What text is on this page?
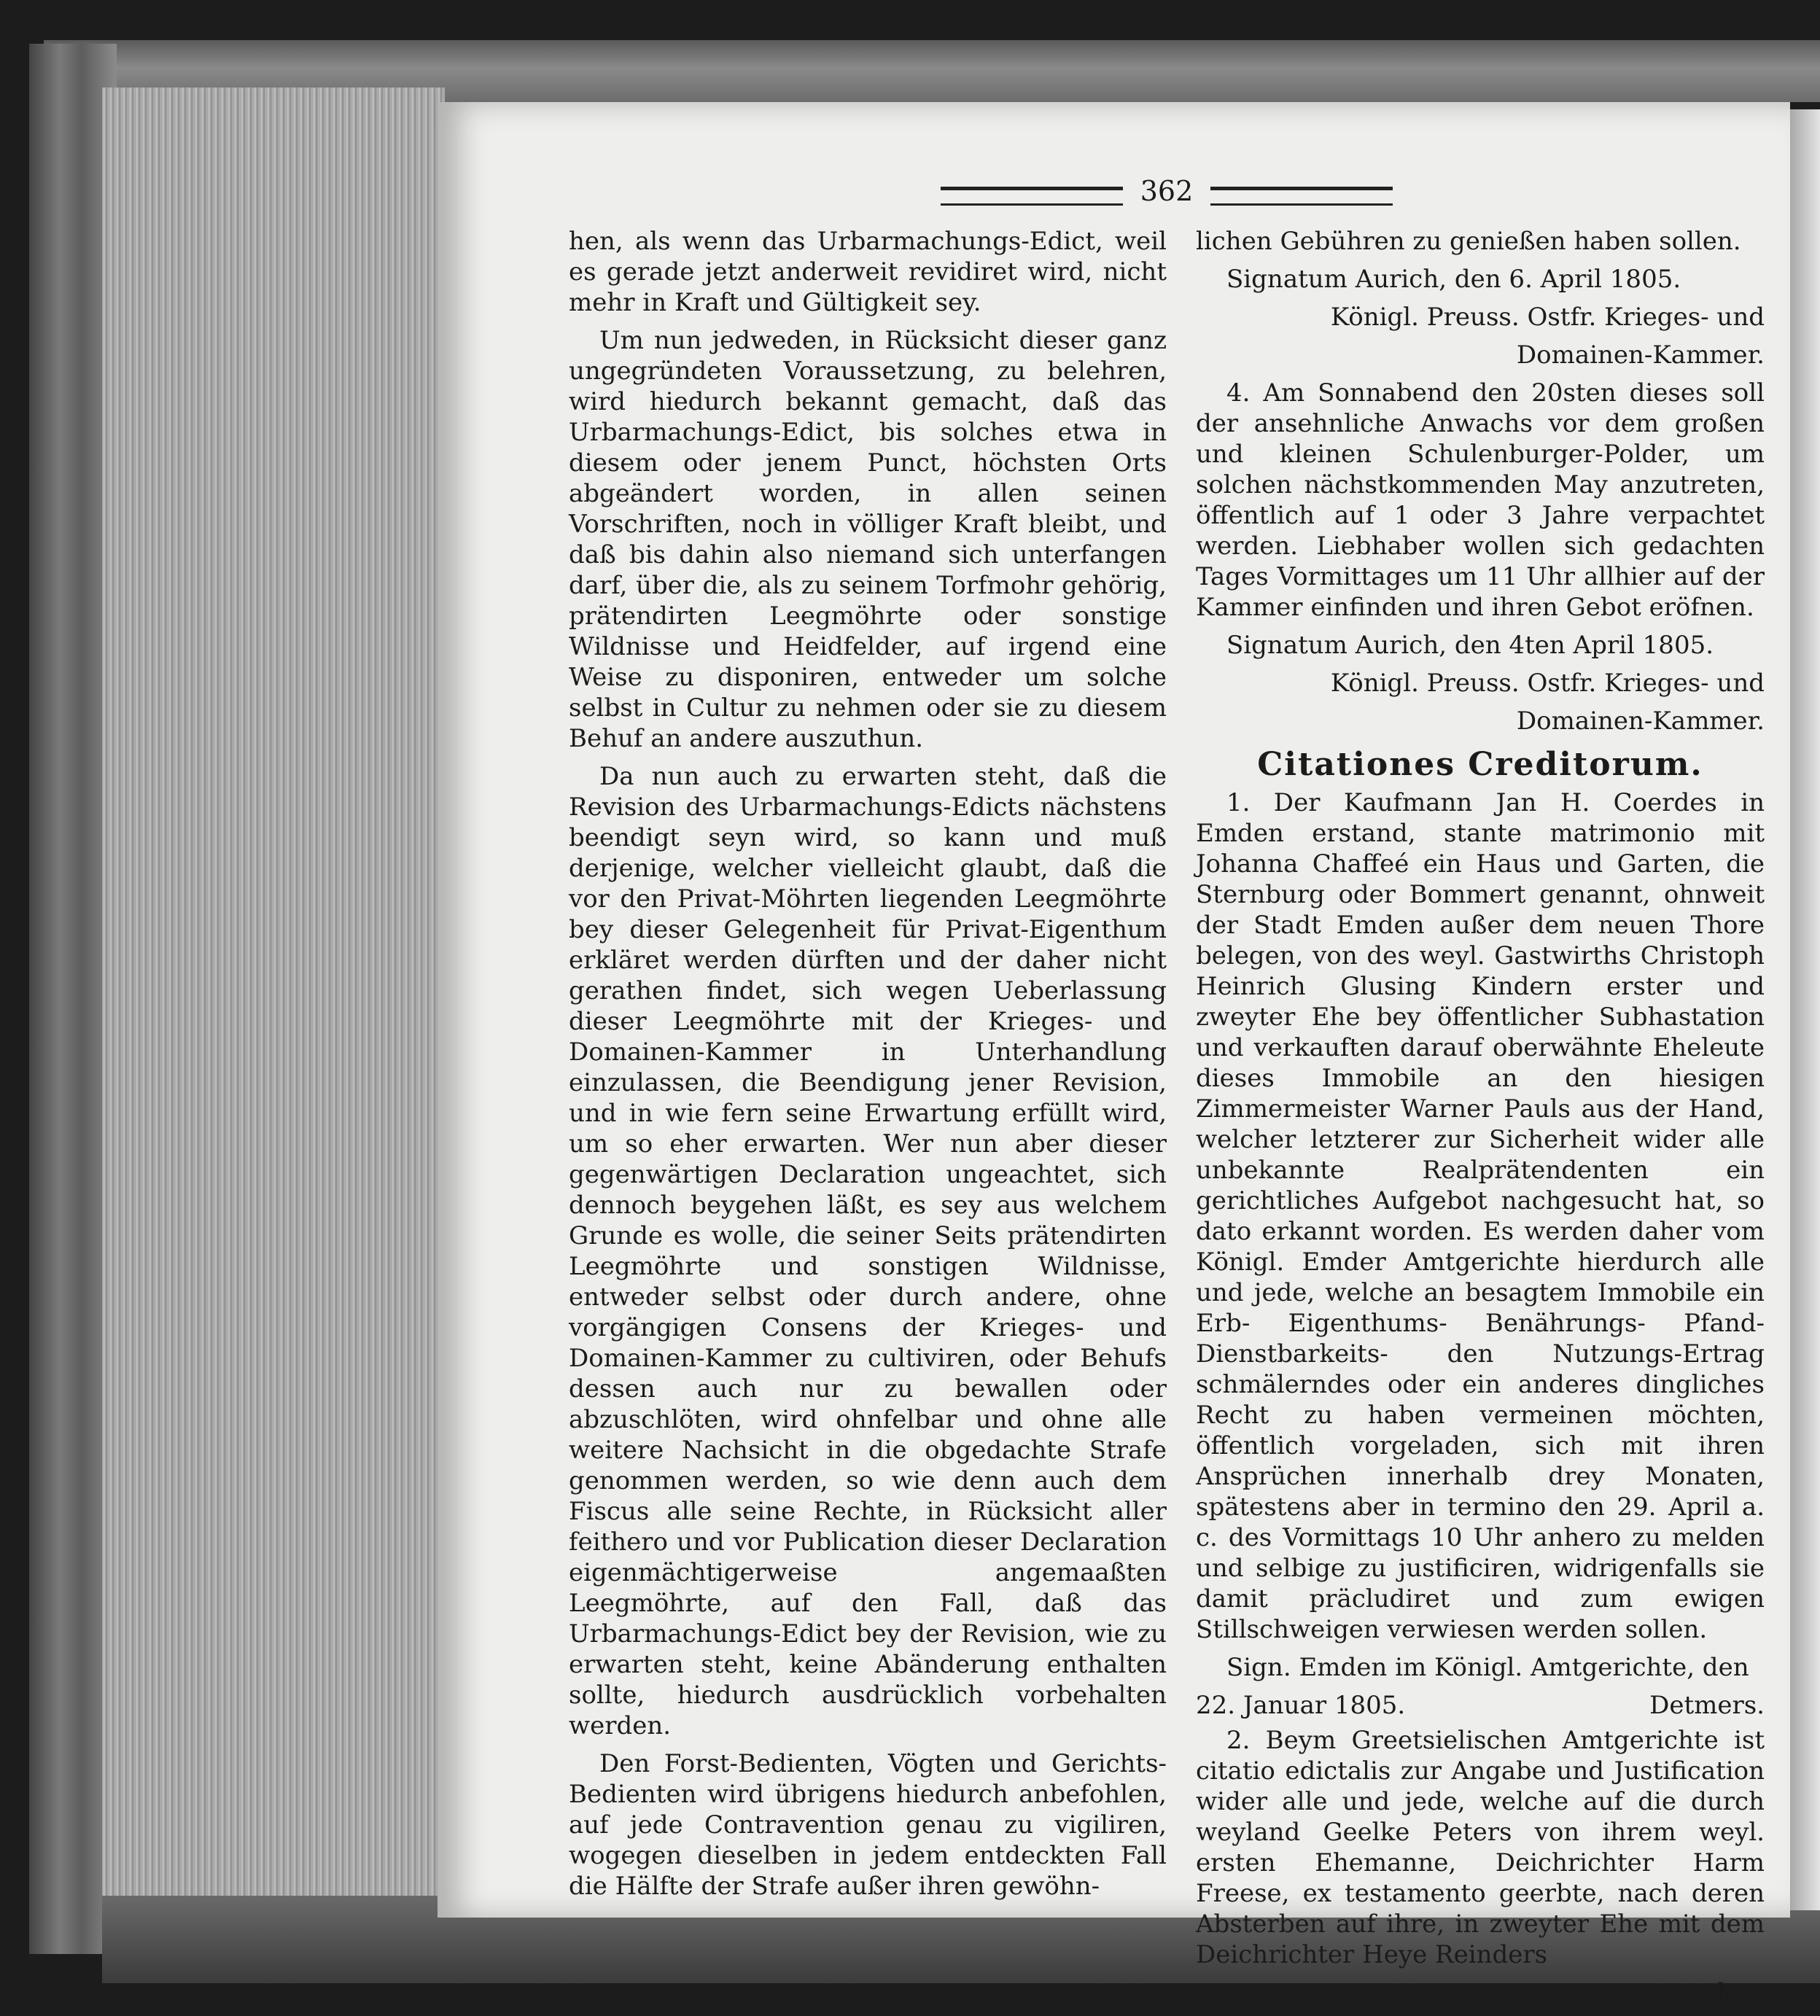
362

hen, als wenn das Urbarmachungs-Edict, weil es gerade jetzt anderweit revidiret wird, nicht mehr in Kraft und Gültigkeit sey.

Um nun jedweden, in Rücksicht dieser ganz ungegründeten Voraussetzung, zu belehren, wird hiedurch bekannt gemacht, daß das Urbarmachungs-Edict, bis solches etwa in diesem oder jenem Punct, höchsten Orts abgeändert worden, in allen seinen Vorschriften, noch in völliger Kraft bleibt, und daß bis dahin also niemand sich unterfangen darf, über die, als zu seinem Torfmohr gehörig, prätendirten Leegmöhrte oder sonstige Wildnisse und Heidfelder, auf irgend eine Weise zu disponiren, entweder um solche selbst in Cultur zu nehmen oder sie zu diesem Behuf an andere auszuthun.

Da nun auch zu erwarten steht, daß die Revision des Urbarmachungs-Edicts nächstens beendigt seyn wird, so kann und muß derjenige, welcher vielleicht glaubt, daß die vor den Privat-Möhrten liegenden Leegmöhrte bey dieser Gelegenheit für Privat-Eigenthum erkläret werden dürften und der daher nicht gerathen findet, sich wegen Ueberlassung dieser Leegmöhrte mit der Krieges- und Domainen-Kammer in Unterhandlung einzulassen, die Beendigung jener Revision, und in wie fern seine Erwartung erfüllt wird, um so eher erwarten. Wer nun aber dieser gegenwärtigen Declaration ungeachtet, sich dennoch beygehen läßt, es sey aus welchem Grunde es wolle, die seiner Seits prätendirten Leegmöhrte und sonstigen Wildnisse, entweder selbst oder durch andere, ohne vorgängigen Consens der Krieges- und Domainen-Kammer zu cultiviren, oder Behufs dessen auch nur zu bewallen oder abzuschlöten, wird ohnfelbar und ohne alle weitere Nachsicht in die obgedachte Strafe genommen werden, so wie denn auch dem Fiscus alle seine Rechte, in Rücksicht aller feithero und vor Publication dieser Declaration eigenmächtigerweise angemaaßten Leegmöhrte, auf den Fall, daß das Urbarmachungs-Edict bey der Revision, wie zu erwarten steht, keine Abänderung enthalten sollte, hiedurch ausdrücklich vorbehalten werden.

Den Forst-Bedienten, Vögten und Gerichts-Bedienten wird übrigens hiedurch anbefohlen, auf jede Contravention genau zu vigiliren, wogegen dieselben in jedem entdeckten Fall die Hälfte der Strafe außer ihren gewöhn-

lichen Gebühren zu genießen haben sollen.

Signatum Aurich, den 6. April 1805.

Königl. Preuss. Ostfr. Krieges- und

Domainen-Kammer.

4. Am Sonnabend den 20sten dieses soll der ansehnliche Anwachs vor dem großen und kleinen Schulenburger-Polder, um solchen nächstkommenden May anzutreten, öffentlich auf 1 oder 3 Jahre verpachtet werden. Liebhaber wollen sich gedachten Tages Vormittages um 11 Uhr allhier auf der Kammer einfinden und ihren Gebot eröfnen.

Signatum Aurich, den 4ten April 1805.

Königl. Preuss. Ostfr. Krieges- und

Domainen-Kammer.

Citationes Creditorum.

1. Der Kaufmann Jan H. Coerdes in Emden erstand, stante matrimonio mit Johanna Chaffeé ein Haus und Garten, die Sternburg oder Bommert genannt, ohnweit der Stadt Emden außer dem neuen Thore belegen, von des weyl. Gastwirths Christoph Heinrich Glusing Kindern erster und zweyter Ehe bey öffentlicher Subhastation und verkauften darauf oberwähnte Eheleute dieses Immobile an den hiesigen Zimmermeister Warner Pauls aus der Hand, welcher letzterer zur Sicherheit wider alle unbekannte Realprätendenten ein gerichtliches Aufgebot nachgesucht hat, so dato erkannt worden. Es werden daher vom Königl. Emder Amtgerichte hierdurch alle und jede, welche an besagtem Immobile ein Erb- Eigenthums- Benährungs- Pfand- Dienstbarkeits- den Nutzungs-Ertrag schmälerndes oder ein anderes dingliches Recht zu haben vermeinen möchten, öffentlich vorgeladen, sich mit ihren Ansprüchen innerhalb drey Monaten, spätestens aber in termino den 29. April a. c. des Vormittags 10 Uhr anhero zu melden und selbige zu justificiren, widrigenfalls sie damit präcludiret und zum ewigen Stillschweigen verwiesen werden sollen.

Sign. Emden im Königl. Amtgerichte, den

22. Januar 1805.	Detmers.

2. Beym Greetsielischen Amtgerichte ist citatio edictalis zur Angabe und Justification wider alle und jede, welche auf die durch weyland Geelke Peters von ihrem weyl. ersten Ehemanne, Deichrichter Harm Freese, ex testamento geerbte, nach deren Absterben auf ihre, in zweyter Ehe mit dem Deichrichter Heye Reinders

ders
